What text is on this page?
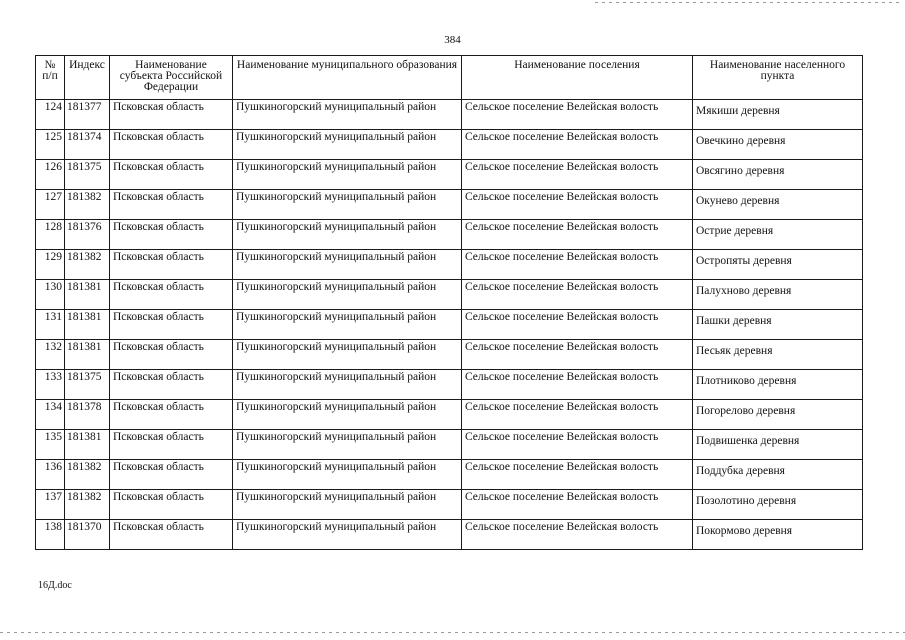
384
№ п/п	Индекс	Наименование субъекта Российской Федерации	Наименование муниципального образования	Наименование поселения	Наименование населенного пункта
124	181377	Псковская область	Пушкиногорский муниципальный район	Сельское поселение Велейская волость	Мякиши деревня
125	181374	Псковская область	Пушкиногорский муниципальный район	Сельское поселение Велейская волость	Овечкино деревня
126	181375	Псковская область	Пушкиногорский муниципальный район	Сельское поселение Велейская волость	Овсягино деревня
127	181382	Псковская область	Пушкиногорский муниципальный район	Сельское поселение Велейская волость	Окунево деревня
128	181376	Псковская область	Пушкиногорский муниципальный район	Сельское поселение Велейская волость	Острие деревня
129	181382	Псковская область	Пушкиногорский муниципальный район	Сельское поселение Велейская волость	Остропяты деревня
130	181381	Псковская область	Пушкиногорский муниципальный район	Сельское поселение Велейская волость	Палухново деревня
131	181381	Псковская область	Пушкиногорский муниципальный район	Сельское поселение Велейская волость	Пашки деревня
132	181381	Псковская область	Пушкиногорский муниципальный район	Сельское поселение Велейская волость	Песьяк деревня
133	181375	Псковская область	Пушкиногорский муниципальный район	Сельское поселение Велейская волость	Плотниково деревня
134	181378	Псковская область	Пушкиногорский муниципальный район	Сельское поселение Велейская волость	Погорелово деревня
135	181381	Псковская область	Пушкиногорский муниципальный район	Сельское поселение Велейская волость	Подвишенка деревня
136	181382	Псковская область	Пушкиногорский муниципальный район	Сельское поселение Велейская волость	Поддубка деревня
137	181382	Псковская область	Пушкиногорский муниципальный район	Сельское поселение Велейская волость	Позолотино деревня
138	181370	Псковская область	Пушкиногорский муниципальный район	Сельское поселение Велейская волость	Покормово деревня
16Д.doc
